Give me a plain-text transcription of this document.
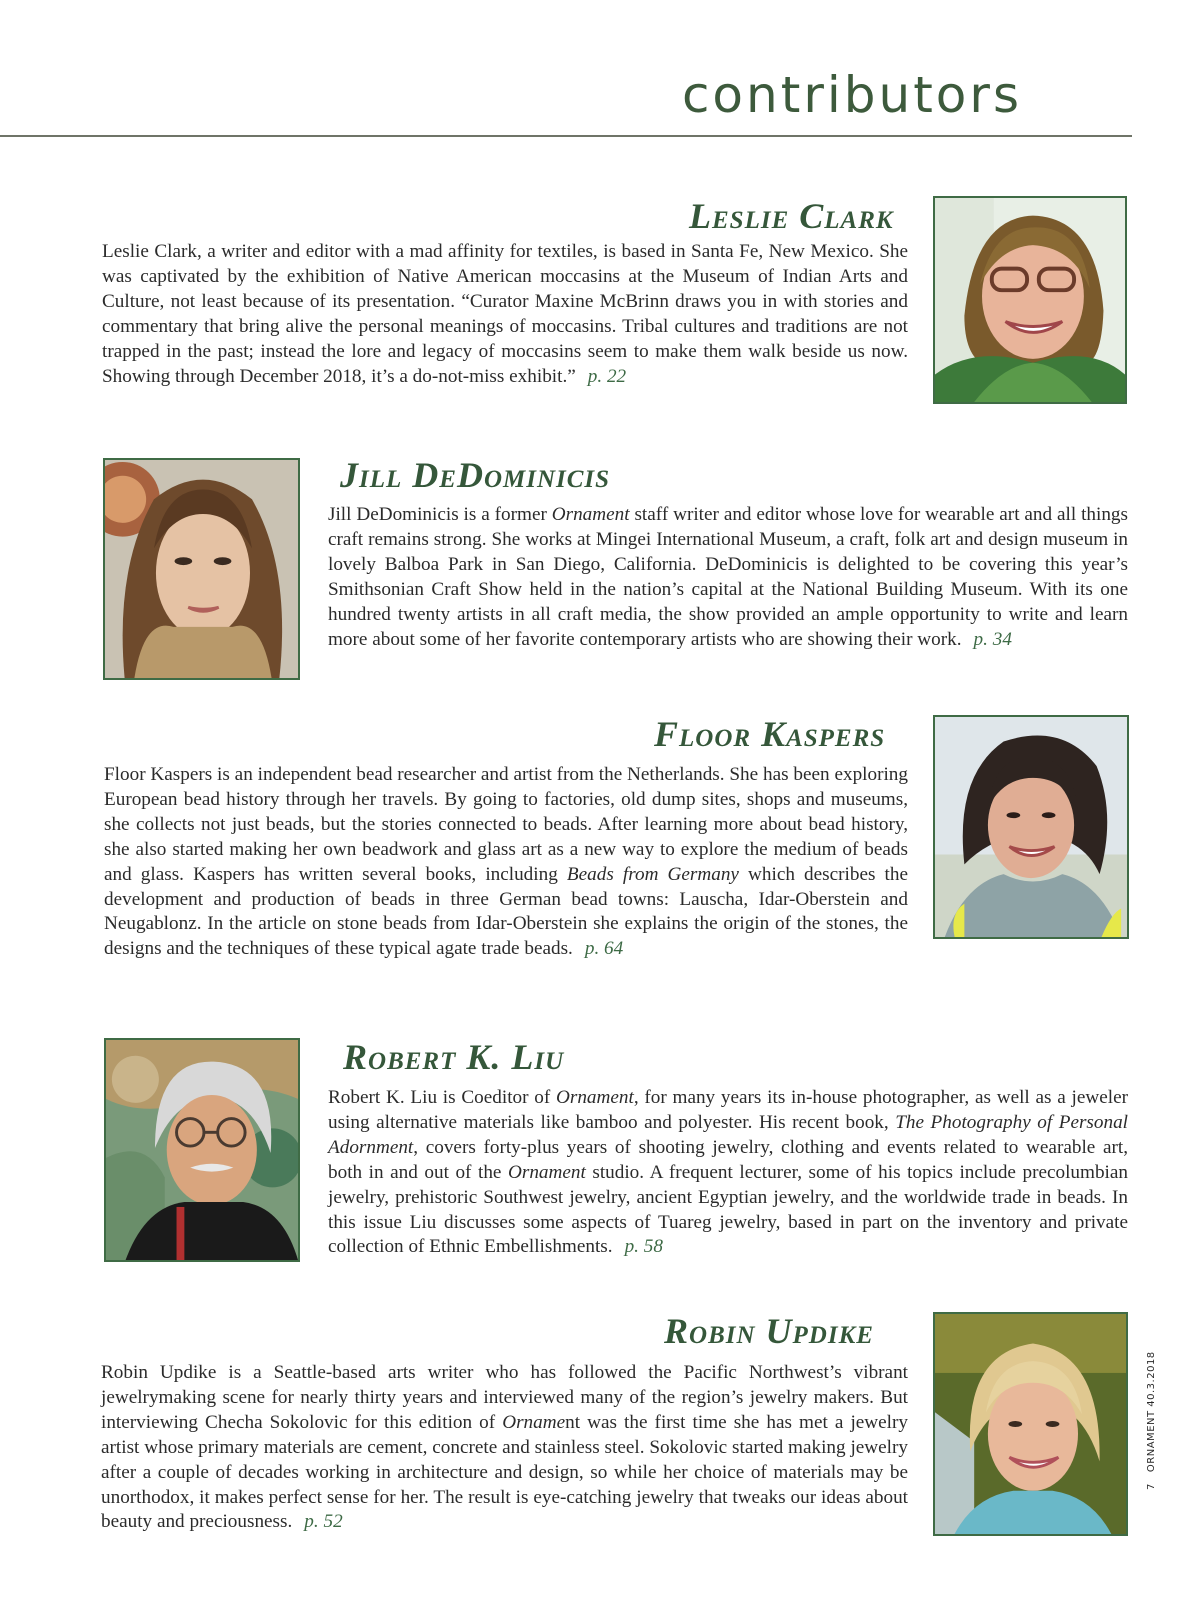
contributors
Leslie Clark

Leslie Clark, a writer and editor with a mad affinity for textiles, is based in Santa Fe, New Mexico. She was captivated by the exhibition of Native American moccasins at the Museum of Indian Arts and Culture, not least because of its presentation. “Curator Maxine McBrinn draws you in with stories and commentary that bring alive the personal meanings of moccasins. Tribal cultures and traditions are not trapped in the past; instead the lore and legacy of moccasins seem to make them walk beside us now. Showing through December 2018, it’s a do-not-miss exhibit.” p. 22

Jill DeDominicis

Jill DeDominicis is a former Ornament staff writer and editor whose love for wearable art and all things craft remains strong. She works at Mingei International Museum, a craft, folk art and design museum in lovely Balboa Park in San Diego, California. DeDominicis is delighted to be covering this year’s Smithsonian Craft Show held in the nation’s capital at the National Building Museum. With its one hundred twenty artists in all craft media, the show provided an ample opportunity to write and learn more about some of her favorite contemporary artists who are showing their work. p. 34

Floor Kaspers

Floor Kaspers is an independent bead researcher and artist from the Netherlands. She has been exploring European bead history through her travels. By going to factories, old dump sites, shops and museums, she collects not just beads, but the stories connected to beads. After learning more about bead history, she also started making her own beadwork and glass art as a new way to explore the medium of beads and glass. Kaspers has written several books, including Beads from Germany which describes the development and production of beads in three German bead towns: Lauscha, Idar-Oberstein and Neugablonz. In the article on stone beads from Idar-Oberstein she explains the origin of the stones, the designs and the techniques of these typical agate trade beads. p. 64

Robert K. Liu

Robert K. Liu is Coeditor of Ornament, for many years its in-house photographer, as well as a jeweler using alternative materials like bamboo and polyester. His recent book, The Photography of Personal Adornment, covers forty-plus years of shooting jewelry, clothing and events related to wearable art, both in and out of the Ornament studio. A frequent lecturer, some of his topics include precolumbian jewelry, prehistoric Southwest jewelry, ancient Egyptian jewelry, and the worldwide trade in beads. In this issue Liu discusses some aspects of Tuareg jewelry, based in part on the inventory and private collection of Ethnic Embellishments. p. 58

Robin Updike

Robin Updike is a Seattle-based arts writer who has followed the Pacific Northwest’s vibrant jewelrymaking scene for nearly thirty years and interviewed many of the region’s jewelry makers. But interviewing Checha Sokolovic for this edition of Ornament was the first time she has met a jewelry artist whose primary materials are cement, concrete and stainless steel. Sokolovic started making jewelry after a couple of decades working in architecture and design, so while her choice of materials may be unorthodox, it makes perfect sense for her. The result is eye-catching jewelry that tweaks our ideas about beauty and preciousness. p. 52

7   ORNAMENT 40.3.2018
